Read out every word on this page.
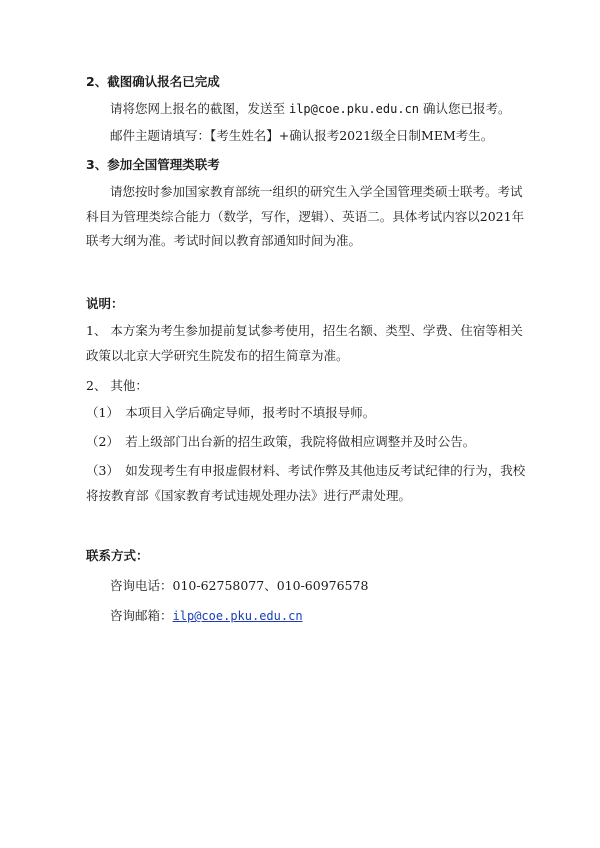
2、截图确认报名已完成
请将您网上报名的截图，发送至 ilp@coe.pku.edu.cn 确认您已报考。
邮件主题请填写：【考生姓名】+确认报考2021级全日制MEM考生。
3、参加全国管理类联考
请您按时参加国家教育部统一组织的研究生入学全国管理类硕士联考。考试科目为管理类综合能力（数学，写作，逻辑）、英语二。具体考试内容以2021年联考大纲为准。考试时间以教育部通知时间为准。
说明：
1、 本方案为考生参加提前复试参考使用，招生名额、类型、学费、住宿等相关政策以北京大学研究生院发布的招生简章为准。
2、 其他：
（1）　本项目入学后确定导师，报考时不填报导师。
（2）　若上级部门出台新的招生政策，我院将做相应调整并及时公告。
（3）　如发现考生有申报虚假材料、考试作弊及其他违反考试纪律的行为，我校将按教育部《国家教育考试违规处理办法》进行严肃处理。
联系方式：
咨询电话：010-62758077、010-60976578
咨询邮箱：ilp@coe.pku.edu.cn
